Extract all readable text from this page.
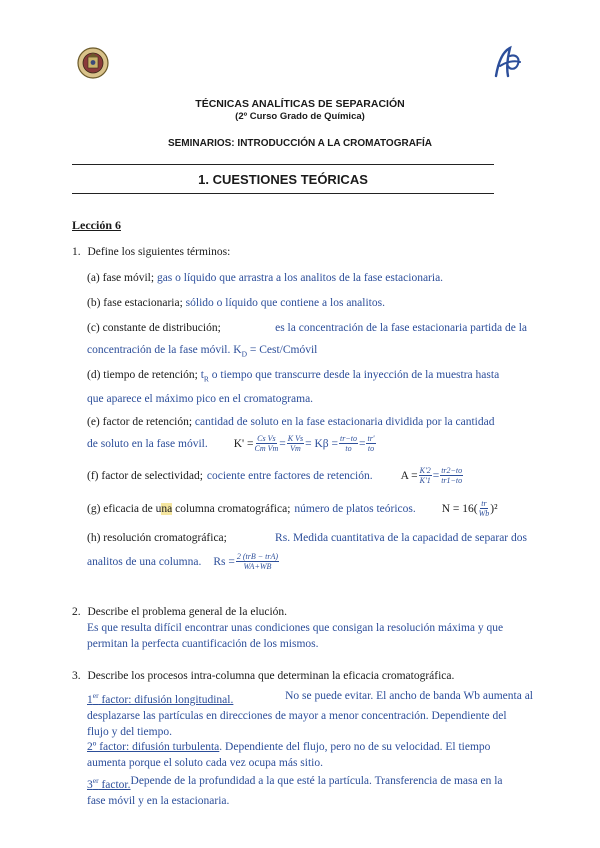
TÉCNICAS ANALÍTICAS DE SEPARACIÓN
(2º Curso Grado de Química)
SEMINARIOS: INTRODUCCIÓN A LA CROMATOGRAFÍA
1. CUESTIONES TEÓRICAS
Lección 6
1. Define los siguientes términos:
(a) fase móvil; gas o líquido que arrastra a los analitos de la fase estacionaria.
(b) fase estacionaria; sólido o líquido que contiene a los analitos.
(c) constante de distribución;	es la concentración de la fase estacionaria partida de la
concentración de la fase móvil. $K_D$ = Cest/Cmóvil
(d) tiempo de retención; $t_R$ o tiempo que transcurre desde la inyección de la muestra hasta
que aparece el máximo pico en el cromatograma.
(e) factor de retención; cantidad de soluto en la fase estacionaria dividida por la cantidad
de soluto en la fase móvil. $K' = \frac{\text{Cs Vs}}{\text{Cm Vm}} = \frac{\text{K Vs}}{Vm} = K\beta = \frac{tr-to}{to} = \frac{tr'}{to}$
(f) factor de selectividad; cociente entre factores de retención. $A = \frac{K'2}{K'1} = \frac{tr2-to}{tr1-to}$
(g) eficacia de una columna cromatográfica; número de platos teóricos. $N = 16( \frac{tr}{Wb} )^2$
(h) resolución cromatográfica;	Rs. Medida cuantitativa de la capacidad de separar dos
analitos de una columna. $Rs = \frac{\text{2 (trB − trA)}}{WA+WB}$
2. Describe el problema general de la elución.
Es que resulta difícil encontrar unas condiciones que consigan la resolución máxima y que
permitan la perfecta cuantificación de los mismos.
3. Describe los procesos intra-columna que determinan la eficacia cromatográfica.
1er factor: difusión longitudinal.	No se puede evitar. El ancho de banda Wb aumenta al
desplazarse las partículas en direcciones de mayor a menor concentración. Dependiente del
flujo y del tiempo.
2º factor: difusión turbulenta . Dependiente del flujo, pero no de su velocidad. El tiempo
aumenta porque el soluto cada vez ocupa más sitio.
3er factor. Depende de la profundidad a la que esté la partícula. Transferencia de masa en la
fase móvil y en la estacionaria.
